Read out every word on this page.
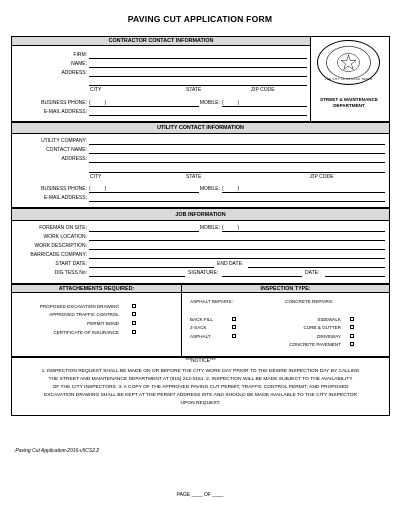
PAVING CUT APPLICATION FORM
CONTRACTOR CONTACT INFORMATION
FIRM:
NAME:
ADDRESS:
CITY	STATE	ZIP CODE
BUSINESS PHONE: (          )	MOBILE: (          )
E-MAIL ADDRESS:
THE CITY OF EL PASO TEXAS
STREET & MAINTENANCE DEPARTMENT
UTILITY CONTACT INFORMATION
UTILITY COMPANY:
CONTACT NAME:
ADDRESS:
CITY	STATE	ZIP CODE
BUSINESS PHONE: (          )	MOBILE: (          )
E-MAIL ADDRESS:
JOB INFORMATION
FOREMAN ON SITE:	MOBILE: (          )
WORK LOCATION:
WORK DESCRIPTION:
BARRICADE COMPANY:
START DATE:	END DATE:
DIG TESS No:	SIGNATURE:	DATE:
ATTACHEMENTS REQUIRED:	INSPECTION TYPE:
PROPOSED EXCAVATION DRAWING
APPROVED TRAFFIC CONTROL
PERMIT BOND
CERTIFICATE OF INSURANCE
ASPHALT REPAIRS:
BACK FILL
2-SACK
ASPHALT
CONCRETE REPAIRS:
SIDEWALK
CURB & GUTTER
DRIVEWAY
CONCRETE PAVEMENT
***NOTICE***
1. INSPECTION REQUEST SHALL BE MADE ON OR BEFORE THE CITY WORK DAY PRIOR TO THE DESIRE INSPECTION DAY BY CALLING
THE STREET AND MAINTENANCE DEPARTMENT AT (915) 212-0151. 2. INSPECTION WILL BE MADE SUBJECT TO THE AVAILABILITY
OF THE CITY INSPECTORS. 3. A COPY OF THE APPROVED PAVING CUT PERMIT, TRAFFIC CONTROL PERMIT, AND PROPOSED
EXCAVATION DRAWING SHALL BE KEPT AT THE PERMIT ADDRESS SITE AND SHOULD BE MADE AVAILABLE TO THE CITY INSPECTOR
UPON REQUEST.
:Paving Cut Application-2016-v5CS2.2
PAGE ____ OF ____
